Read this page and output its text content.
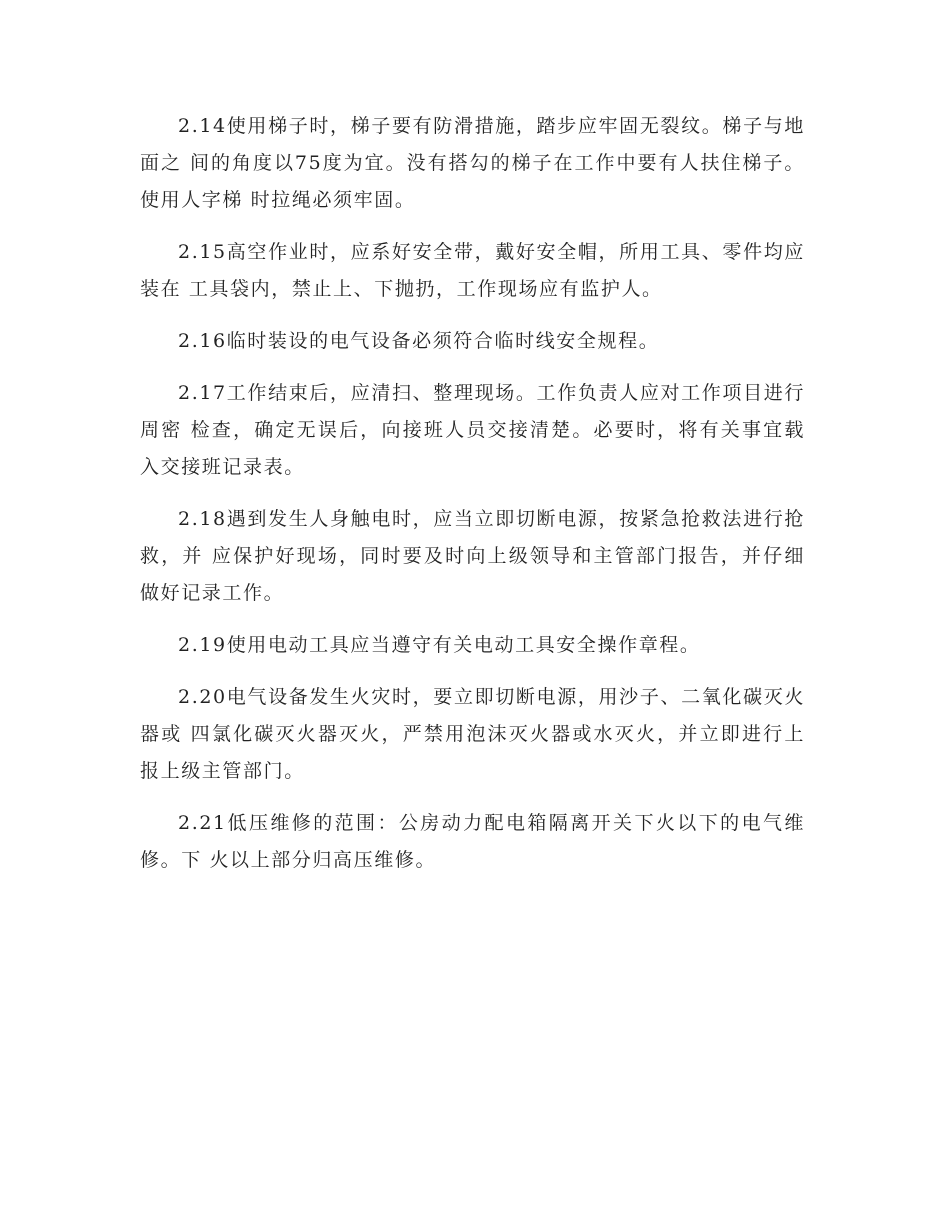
2.14使用梯子时，梯子要有防滑措施，踏步应牢固无裂纹。梯子与地面之 间的角度以75度为宜。没有搭勾的梯子在工作中要有人扶住梯子。使用人字梯 时拉绳必须牢固。

2.15高空作业时，应系好安全带，戴好安全帽，所用工具、零件均应装在 工具袋内，禁止上、下抛扔，工作现场应有监护人。

2.16临时装设的电气设备必须符合临时线安全规程。

2.17工作结束后，应清扫、整理现场。工作负责人应对工作项目进行周密 检查，确定无误后，向接班人员交接清楚。必要时，将有关事宜载入交接班记录表。

2.18遇到发生人身触电时，应当立即切断电源，按紧急抢救法进行抢救，并 应保护好现场，同时要及时向上级领导和主管部门报告，并仔细做好记录工作。

2.19使用电动工具应当遵守有关电动工具安全操作章程。

2.20电气设备发生火灾时，要立即切断电源，用沙子、二氧化碳灭火器或 四氯化碳灭火器灭火，严禁用泡沫灭火器或水灭火，并立即进行上报上级主管部门。

2.21低压维修的范围：公房动力配电箱隔离开关下火以下的电气维修。下 火以上部分归高压维修。
